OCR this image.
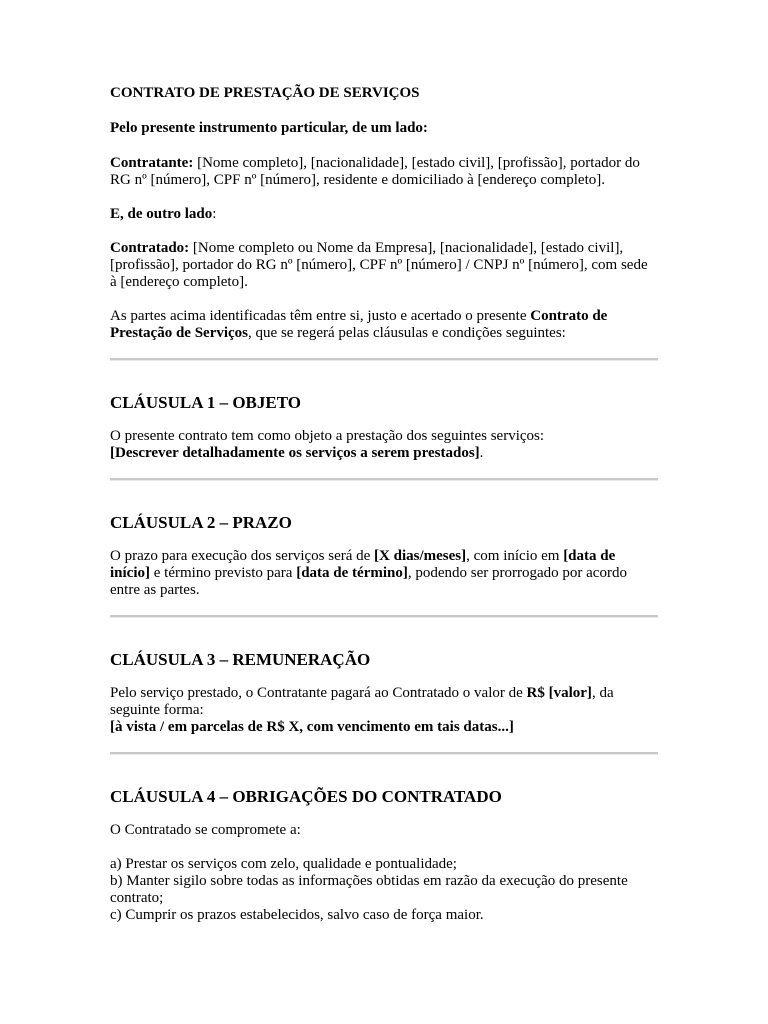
CONTRATO DE PRESTAÇÃO DE SERVIÇOS

Pelo presente instrumento particular, de um lado:

Contratante: [Nome completo], [nacionalidade], [estado civil], [profissão], portador do RG nº [número], CPF nº [número], residente e domiciliado à [endereço completo].

E, de outro lado:

Contratado: [Nome completo ou Nome da Empresa], [nacionalidade], [estado civil], [profissão], portador do RG nº [número], CPF nº [número] / CNPJ nº [número], com sede à [endereço completo].

As partes acima identificadas têm entre si, justo e acertado o presente Contrato de Prestação de Serviços, que se regerá pelas cláusulas e condições seguintes:

CLÁUSULA 1 – OBJETO

O presente contrato tem como objeto a prestação dos seguintes serviços:

[Descrever detalhadamente os serviços a serem prestados].

CLÁUSULA 2 – PRAZO

O prazo para execução dos serviços será de [X dias/meses], com início em [data de início] e término previsto para [data de término], podendo ser prorrogado por acordo entre as partes.

CLÁUSULA 3 – REMUNERAÇÃO

Pelo serviço prestado, o Contratante pagará ao Contratado o valor de R$ [valor], da seguinte forma:

[à vista / em parcelas de R$ X, com vencimento em tais datas...]

CLÁUSULA 4 – OBRIGAÇÕES DO CONTRATADO

O Contratado se compromete a:

a) Prestar os serviços com zelo, qualidade e pontualidade;

b) Manter sigilo sobre todas as informações obtidas em razão da execução do presente contrato;

c) Cumprir os prazos estabelecidos, salvo caso de força maior.
